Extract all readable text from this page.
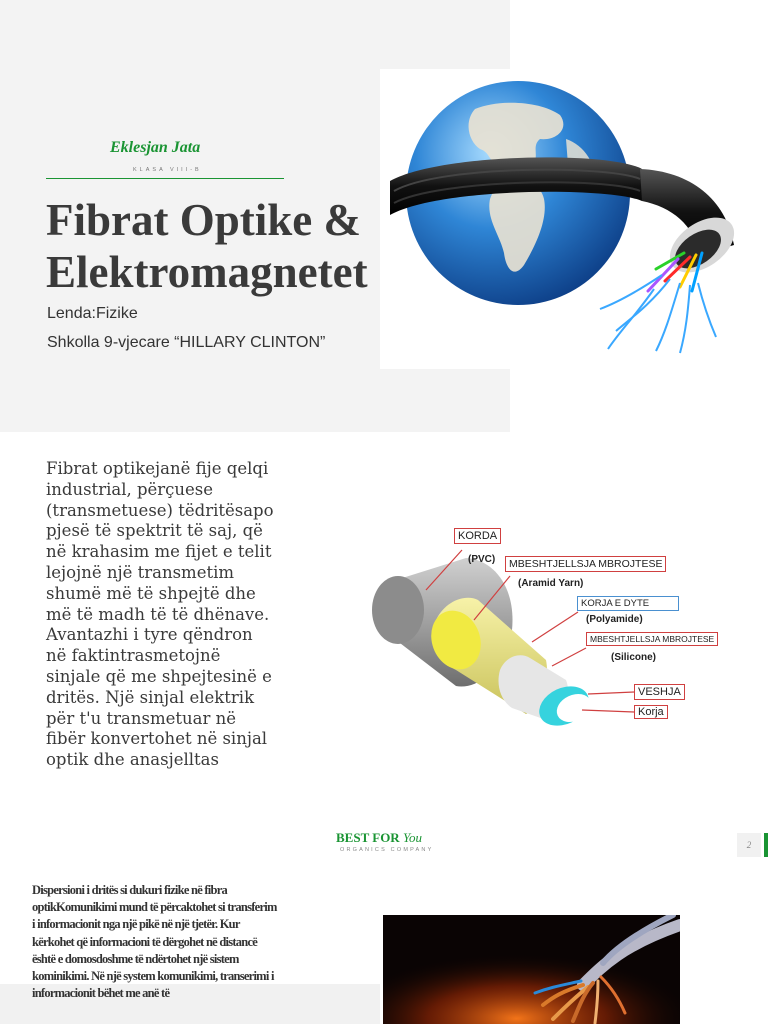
Eklesjan Jata
KLASA VIII-B
Fibrat Optike &
Elektromagnetet
Lenda:Fizike
Shkolla 9-vjecare “HILLARY CLINTON”
Fibrat optikejanë fije qelqi industrial, përçuese (transmetuese) tëdritësapo pjesë të spektrit të saj, që në krahasim me fijet e telit lejojnë një transmetim shumë më të shpejtë dhe më të madh të të dhënave. Avantazhi i tyre qëndron në faktintrasmetojnë sinjale që me shpejtesinë e dritës. Një sinjal elektrik për t'u transmetuar në fibër konvertohet në sinjal optik dhe anasjelltas
KORDA
(PVC)	MBESHTJELLSJA MBROJTESE
(Aramid Yarn)
KORJA E DYTE
(Polyamide)
MBESHTJELLSJA MBROJTESE
(Silicone)
VESHJA
Korja
BEST FOR You
ORGANICS COMPANY	2
Dispersioni i dritës si dukuri fizike në fibra optikKomunikimi mund të përcaktohet si transferim i informacionit nga një pikë në një tjetër. Kur kërkohet që informacioni të dërgohet në distancë është e domosdoshme të ndërtohet një sistem kominikimi. Në një system komunikimi, transerimi i informacionit bëhet me anë të
